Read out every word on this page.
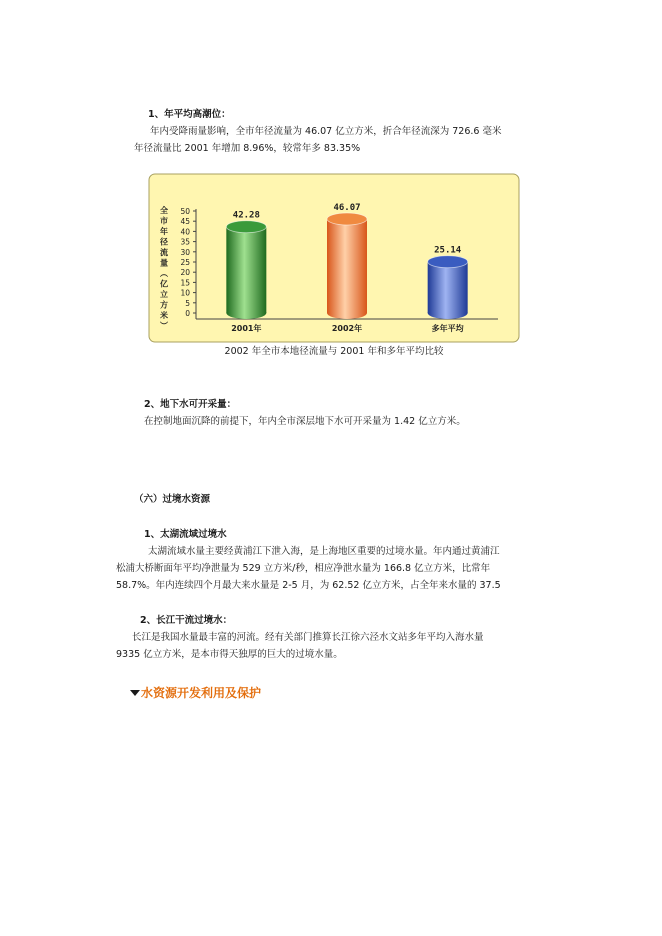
1、年平均高潮位：
年内受降雨量影响，全市年径流量为 46.07 亿立方米，折合年径流深为 726.6 毫米
年径流量比 2001 年增加 8.96%，较常年多 83.35%
0
5
10
15
20
25
30
35
40
45
50
2001年	2002年	多年平均
42.28
46.07
25.14
全市年径流量︵亿立方米︶
2002 年全市本地径流量与 2001 年和多年平均比较
2、地下水可开采量：
在控制地面沉降的前提下，年内全市深层地下水可开采量为 1.42 亿立方米。
（六）过境水资源
1、太湖流域过境水
太湖流域水量主要经黄浦江下泄入海，是上海地区重要的过境水量。年内通过黄浦江
松浦大桥断面年平均净泄量为 529 立方米/秒，相应净泄水量为 166.8 亿立方米，比常年
58.7%。年内连续四个月最大来水量是 2-5 月，为 62.52 亿立方米，占全年来水量的 37.5
2、长江干流过境水：
长江是我国水量最丰富的河流。经有关部门推算长江徐六泾水文站多年平均入海水量
9335 亿立方米，是本市得天独厚的巨大的过境水量。
水资源开发利用及保护
